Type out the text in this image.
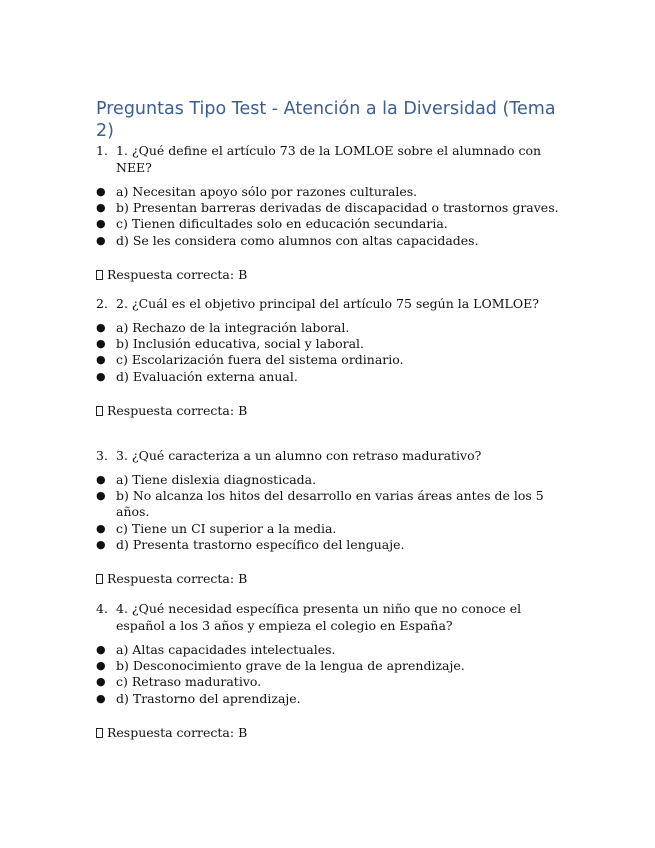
Preguntas Tipo Test - Atención a la Diversidad (Tema 2)
1. 1. ¿Qué define el artículo 73 de la LOMLOE sobre el alumnado con NEE?
● a) Necesitan apoyo sólo por razones culturales.
● b) Presentan barreras derivadas de discapacidad o trastornos graves.
● c) Tienen dificultades solo en educación secundaria.
● d) Se les considera como alumnos con altas capacidades.
Respuesta correcta: B
2. 2. ¿Cuál es el objetivo principal del artículo 75 según la LOMLOE?
● a) Rechazo de la integración laboral.
● b) Inclusión educativa, social y laboral.
● c) Escolarización fuera del sistema ordinario.
● d) Evaluación externa anual.
Respuesta correcta: B
3. 3. ¿Qué caracteriza a un alumno con retraso madurativo?
● a) Tiene dislexia diagnosticada.
● b) No alcanza los hitos del desarrollo en varias áreas antes de los 5 años.
● c) Tiene un CI superior a la media.
● d) Presenta trastorno específico del lenguaje.
Respuesta correcta: B
4. 4. ¿Qué necesidad específica presenta un niño que no conoce el español a los 3 años y empieza el colegio en España?
● a) Altas capacidades intelectuales.
● b) Desconocimiento grave de la lengua de aprendizaje.
● c) Retraso madurativo.
● d) Trastorno del aprendizaje.
Respuesta correcta: B
